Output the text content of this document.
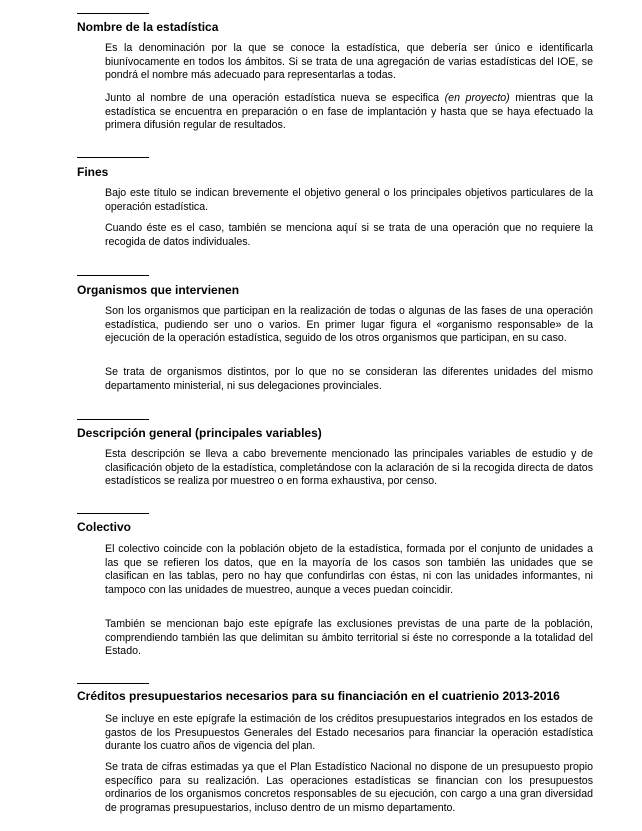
Nombre de la estadística

Es la denominación por la que se conoce la estadística, que debería ser único e identificarla biunívocamente en todos los ámbitos. Si se trata de una agregación de varias estadísticas del IOE, se pondrá el nombre más adecuado para representarlas a todas.

Junto al nombre de una operación estadística nueva se especifica (en proyecto) mientras que la estadística se encuentra en preparación o en fase de implantación y hasta que se haya efectuado la primera difusión regular de resultados.

Fines

Bajo este título se indican brevemente el objetivo general o los principales objetivos particulares de la operación estadística.

Cuando éste es el caso, también se menciona aquí si se trata de una operación que no requiere la recogida de datos individuales.

Organismos que intervienen

Son los organismos que participan en la realización de todas o algunas de las fases de una operación estadística, pudiendo ser uno o varios. En primer lugar figura el «organismo responsable» de la ejecución de la operación estadística, seguido de los otros organismos que participan, en su caso.

Se trata de organismos distintos, por lo que no se consideran las diferentes unidades del mismo departamento ministerial, ni sus delegaciones provinciales.

Descripción general (principales variables)

Esta descripción se lleva a cabo brevemente mencionado las principales variables de estudio y de clasificación objeto de la estadística, completándose con la aclaración de si la recogida directa de datos estadísticos se realiza por muestreo o en forma exhaustiva, por censo.

Colectivo

El colectivo coincide con la población objeto de la estadística, formada por el conjunto de unidades a las que se refieren los datos, que en la mayoría de los casos son también las unidades que se clasifican en las tablas, pero no hay que confundirlas con éstas, ni con las unidades informantes, ni tampoco con las unidades de muestreo, aunque a veces puedan coincidir.

También se mencionan bajo este epígrafe las exclusiones previstas de una parte de la población, comprendiendo también las que delimitan su ámbito territorial si éste no corresponde a la totalidad del Estado.

Créditos presupuestarios necesarios para su financiación en el cuatrienio 2013-2016

Se incluye en este epígrafe la estimación de los créditos presupuestarios integrados en los estados de gastos de los Presupuestos Generales del Estado necesarios para financiar la operación estadística durante los cuatro años de vigencia del plan.

Se trata de cifras estimadas ya que el Plan Estadístico Nacional no dispone de un presupuesto propio específico para su realización. Las operaciones estadísticas se financian con los presupuestos ordinarios de los organismos concretos responsables de su ejecución, con cargo a una gran diversidad de programas presupuestarios, incluso dentro de un mismo departamento.
